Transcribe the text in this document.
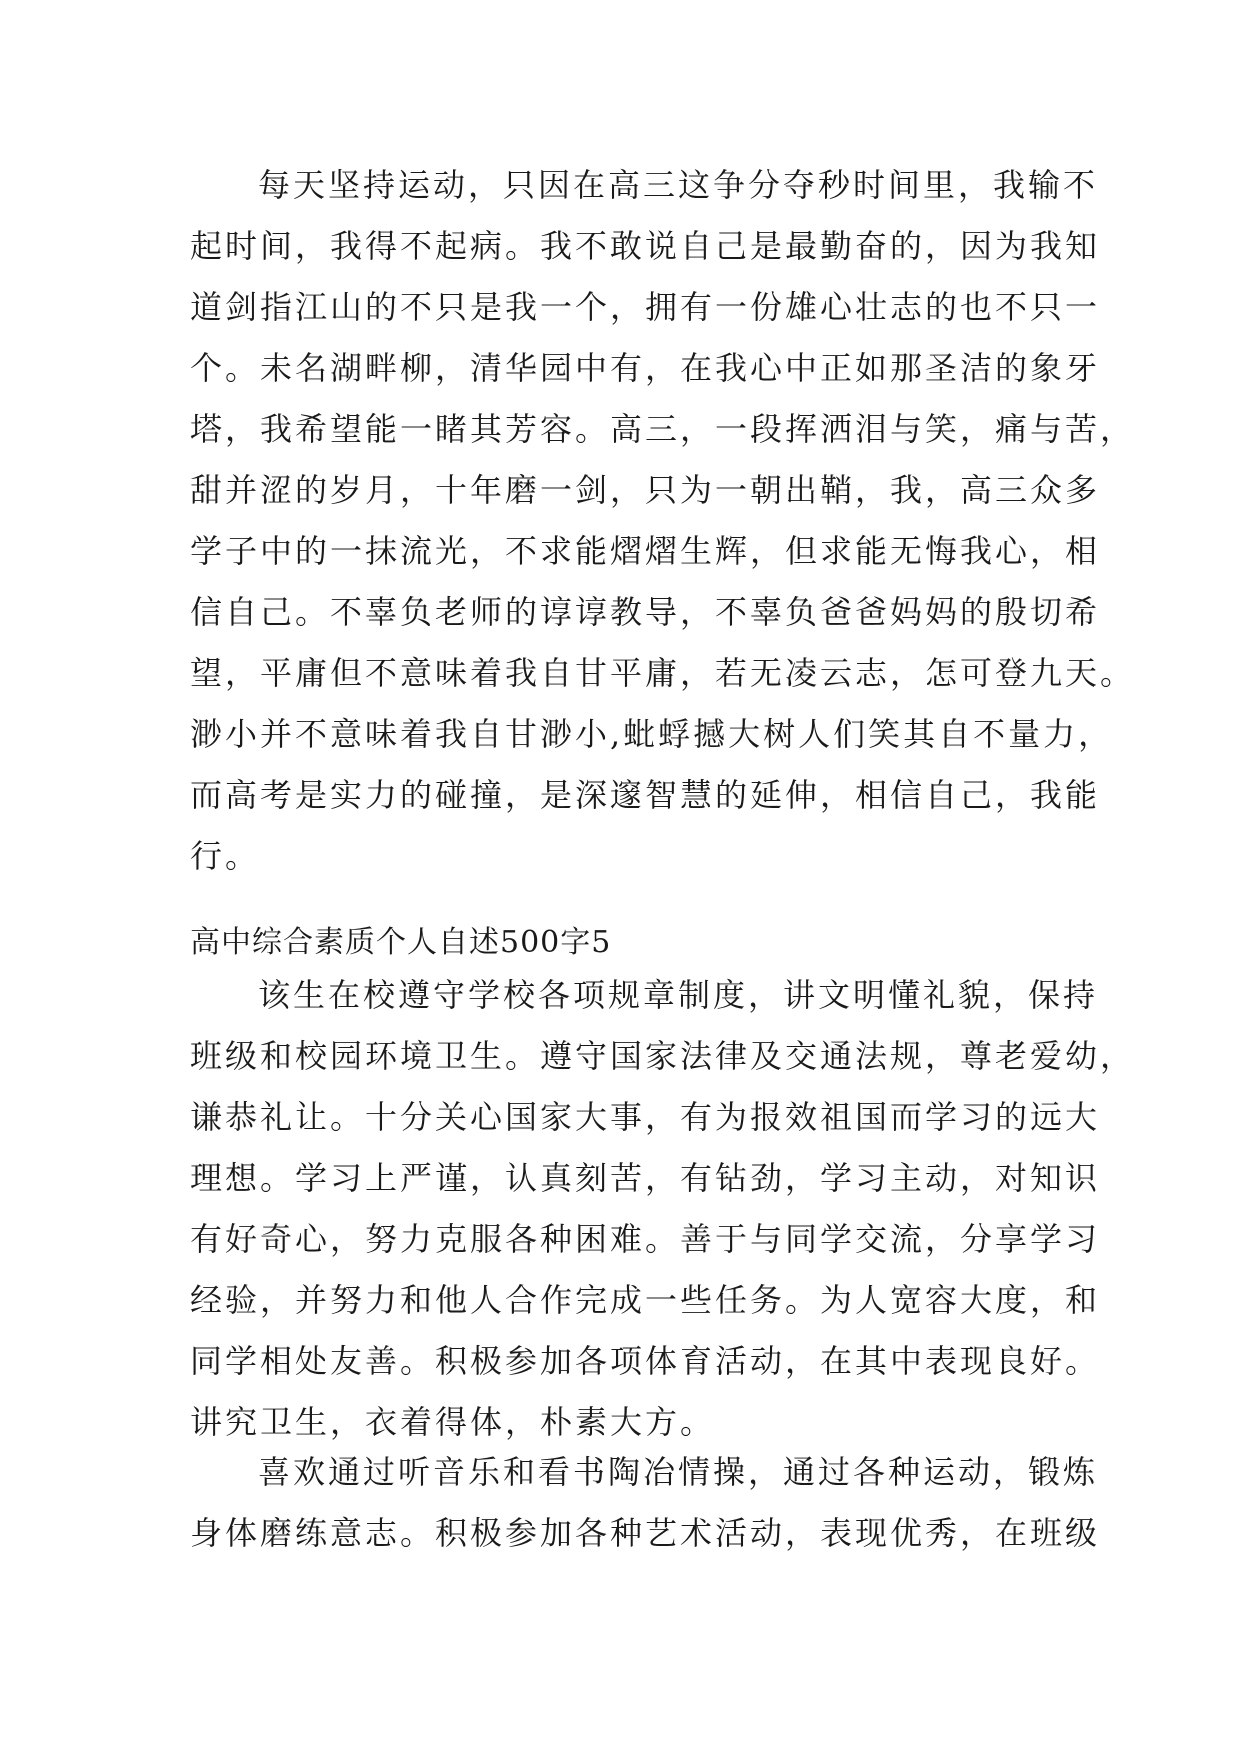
每天坚持运动，只因在高三这争分夺秒时间里，我输不
起时间，我得不起病。我不敢说自己是最勤奋的，因为我知
道剑指江山的不只是我一个，拥有一份雄心壮志的也不只一
个。未名湖畔柳，清华园中有，在我心中正如那圣洁的象牙
塔，我希望能一睹其芳容。高三，一段挥洒泪与笑，痛与苦，
甜并涩的岁月，十年磨一剑，只为一朝出鞘，我，高三众多
学子中的一抹流光，不求能熠熠生辉，但求能无悔我心，相
信自己。不辜负老师的谆谆教导，不辜负爸爸妈妈的殷切希
望，平庸但不意味着我自甘平庸，若无凌云志，怎可登九天。
渺小并不意味着我自甘渺小,蚍蜉撼大树人们笑其自不量力，
而高考是实力的碰撞，是深邃智慧的延伸，相信自己，我能
行。
高中综合素质个人自述500字5
该生在校遵守学校各项规章制度，讲文明懂礼貌，保持
班级和校园环境卫生。遵守国家法律及交通法规，尊老爱幼，
谦恭礼让。十分关心国家大事，有为报效祖国而学习的远大
理想。学习上严谨，认真刻苦，有钻劲，学习主动，对知识
有好奇心，努力克服各种困难。善于与同学交流，分享学习
经验，并努力和他人合作完成一些任务。为人宽容大度，和
同学相处友善。积极参加各项体育活动，在其中表现良好。
讲究卫生，衣着得体，朴素大方。
喜欢通过听音乐和看书陶冶情操，通过各种运动，锻炼
身体磨练意志。积极参加各种艺术活动，表现优秀，在班级
